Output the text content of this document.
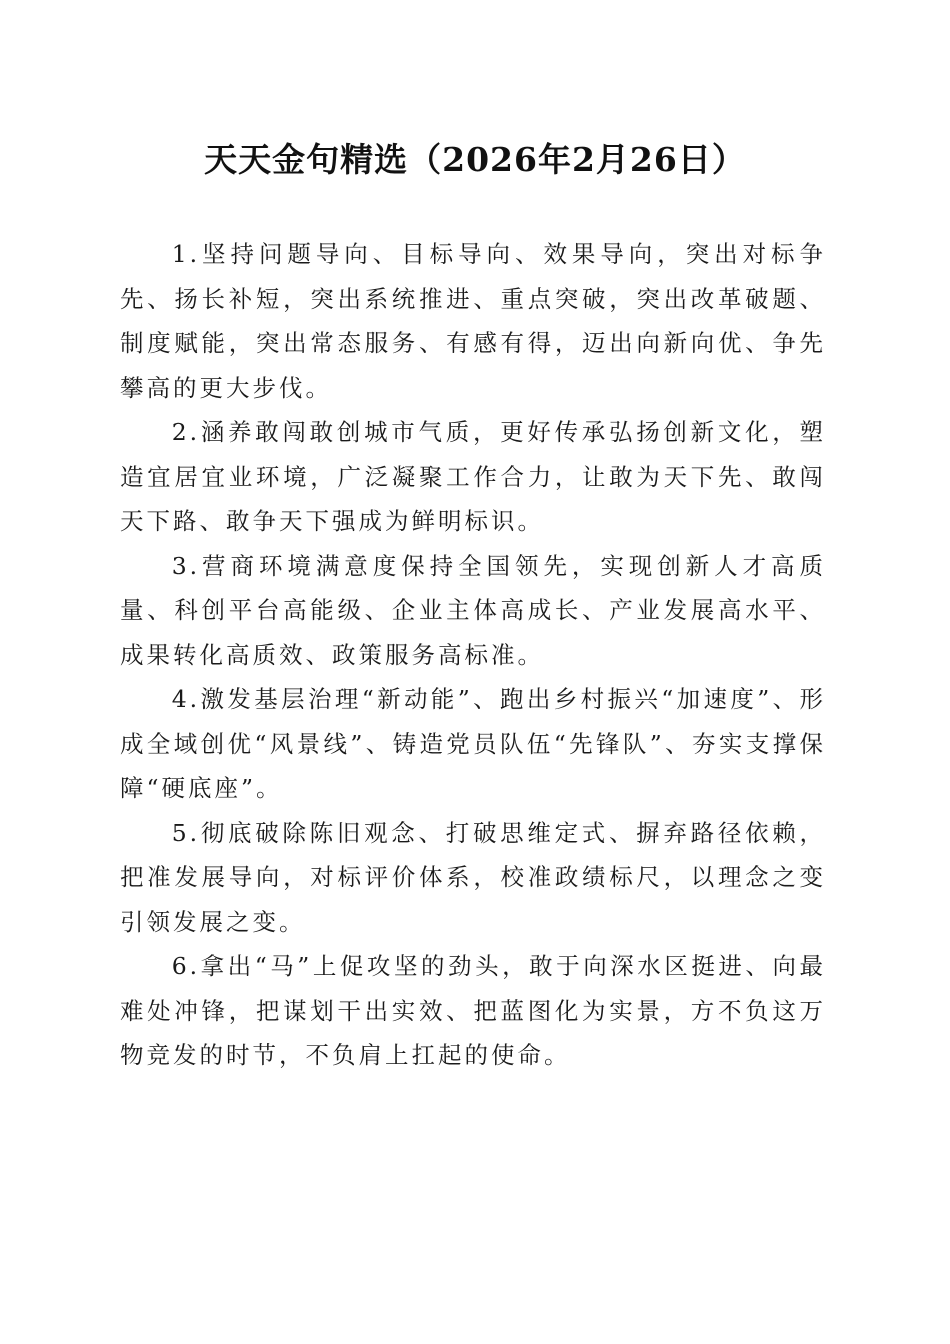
天天金句精选（2026年2月26日）

1.坚持问题导向、目标导向、效果导向，突出对标争先、扬长补短，突出系统推进、重点突破，突出改革破题、制度赋能，突出常态服务、有感有得，迈出向新向优、争先攀高的更大步伐。

2.涵养敢闯敢创城市气质，更好传承弘扬创新文化，塑造宜居宜业环境，广泛凝聚工作合力，让敢为天下先、敢闯天下路、敢争天下强成为鲜明标识。

3.营商环境满意度保持全国领先，实现创新人才高质量、科创平台高能级、企业主体高成长、产业发展高水平、成果转化高质效、政策服务高标准。

4.激发基层治理“新动能”、跑出乡村振兴“加速度”、形成全域创优“风景线”、铸造党员队伍“先锋队”、夯实支撑保障“硬底座”。

5.彻底破除陈旧观念、打破思维定式、摒弃路径依赖，把准发展导向，对标评价体系，校准政绩标尺，以理念之变引领发展之变。

6.拿出“马”上促攻坚的劲头，敢于向深水区挺进、向最难处冲锋，把谋划干出实效、把蓝图化为实景，方不负这万物竞发的时节，不负肩上扛起的使命。
